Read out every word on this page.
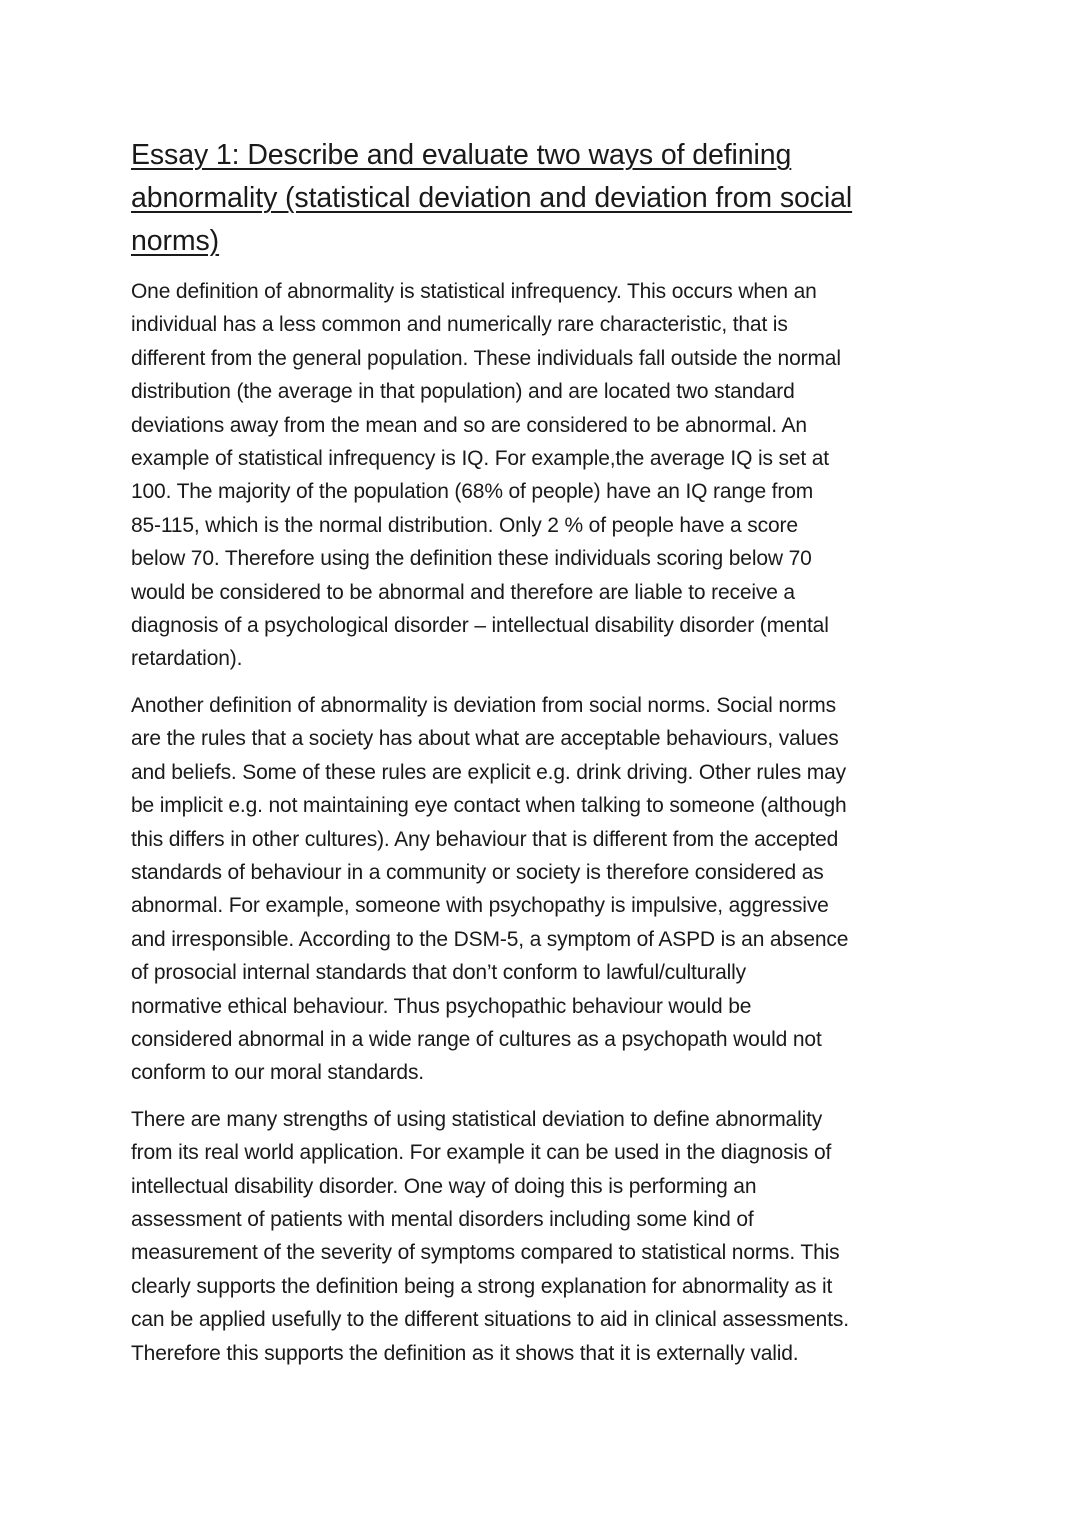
Essay 1: Describe and evaluate two ways of defining
abnormality (statistical deviation and deviation from social
norms)

One definition of abnormality is statistical infrequency. This occurs when an
individual has a less common and numerically rare characteristic, that is
different from the general population. These individuals fall outside the normal
distribution (the average in that population) and are located two standard
deviations away from the mean and so are considered to be abnormal. An
example of statistical infrequency is IQ. For example,the average IQ is set at
100. The majority of the population (68% of people) have an IQ range from
85-115, which is the normal distribution. Only 2 % of people have a score
below 70. Therefore using the definition these individuals scoring below 70
would be considered to be abnormal and therefore are liable to receive a
diagnosis of a psychological disorder – intellectual disability disorder (mental
retardation).

Another definition of abnormality is deviation from social norms. Social norms
are the rules that a society has about what are acceptable behaviours, values
and beliefs. Some of these rules are explicit e.g. drink driving. Other rules may
be implicit e.g. not maintaining eye contact when talking to someone (although
this differs in other cultures). Any behaviour that is different from the accepted
standards of behaviour in a community or society is therefore considered as
abnormal. For example, someone with psychopathy is impulsive, aggressive
and irresponsible. According to the DSM-5, a symptom of ASPD is an absence
of prosocial internal standards that don’t conform to lawful/culturally
normative ethical behaviour. Thus psychopathic behaviour would be
considered abnormal in a wide range of cultures as a psychopath would not
conform to our moral standards.

There are many strengths of using statistical deviation to define abnormality
from its real world application. For example it can be used in the diagnosis of
intellectual disability disorder. One way of doing this is performing an
assessment of patients with mental disorders including some kind of
measurement of the severity of symptoms compared to statistical norms. This
clearly supports the definition being a strong explanation for abnormality as it
can be applied usefully to the different situations to aid in clinical assessments.
Therefore this supports the definition as it shows that it is externally valid.
